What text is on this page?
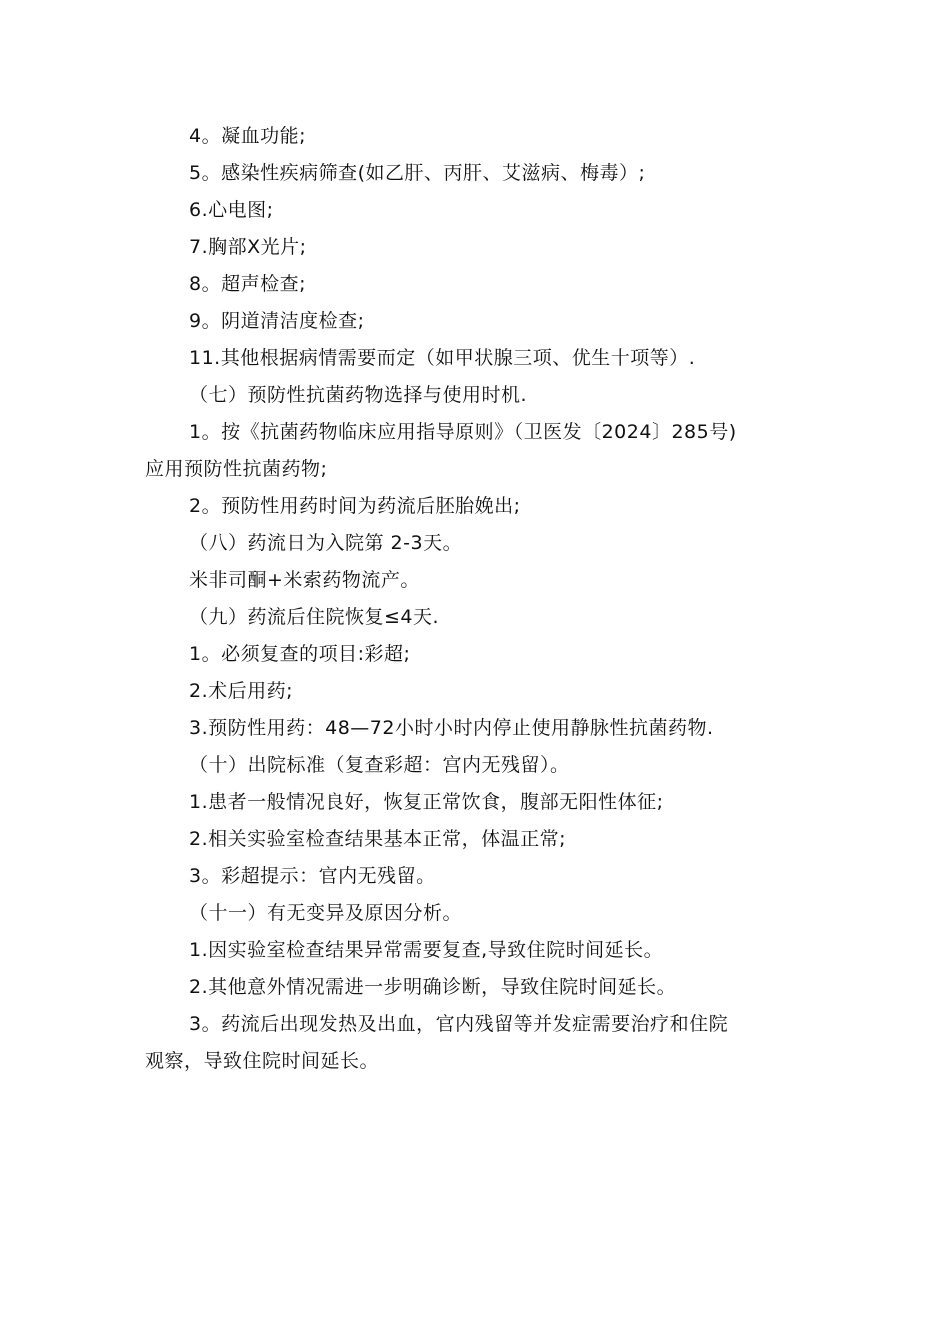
4。凝血功能;
5。感染性疾病筛查(如乙肝、丙肝、艾滋病、梅毒）;
6.心电图;
7.胸部X光片;
8。超声检查;
9。阴道清洁度检查;
11.其他根据病情需要而定（如甲状腺三项、优生十项等）.
（七）预防性抗菌药物选择与使用时机.
1。按《抗菌药物临床应用指导原则》（卫医发〔2024〕285号)
应用预防性抗菌药物;
2。预防性用药时间为药流后胚胎娩出;
（八）药流日为入院第 2-3天。
米非司酮+米索药物流产。
（九）药流后住院恢复≤4天.
1。必须复查的项目:彩超;
2.术后用药;
3.预防性用药：48—72小时小时内停止使用静脉性抗菌药物.
（十）出院标准（复查彩超：宫内无残留）。
1.患者一般情况良好，恢复正常饮食，腹部无阳性体征;
2.相关实验室检查结果基本正常，体温正常;
3。彩超提示：官内无残留。
（十一）有无变异及原因分析。
1.因实验室检查结果异常需要复查,导致住院时间延长。
2.其他意外情况需进一步明确诊断，导致住院时间延长。
3。药流后出现发热及出血，官内残留等并发症需要治疗和住院
观察，导致住院时间延长。
